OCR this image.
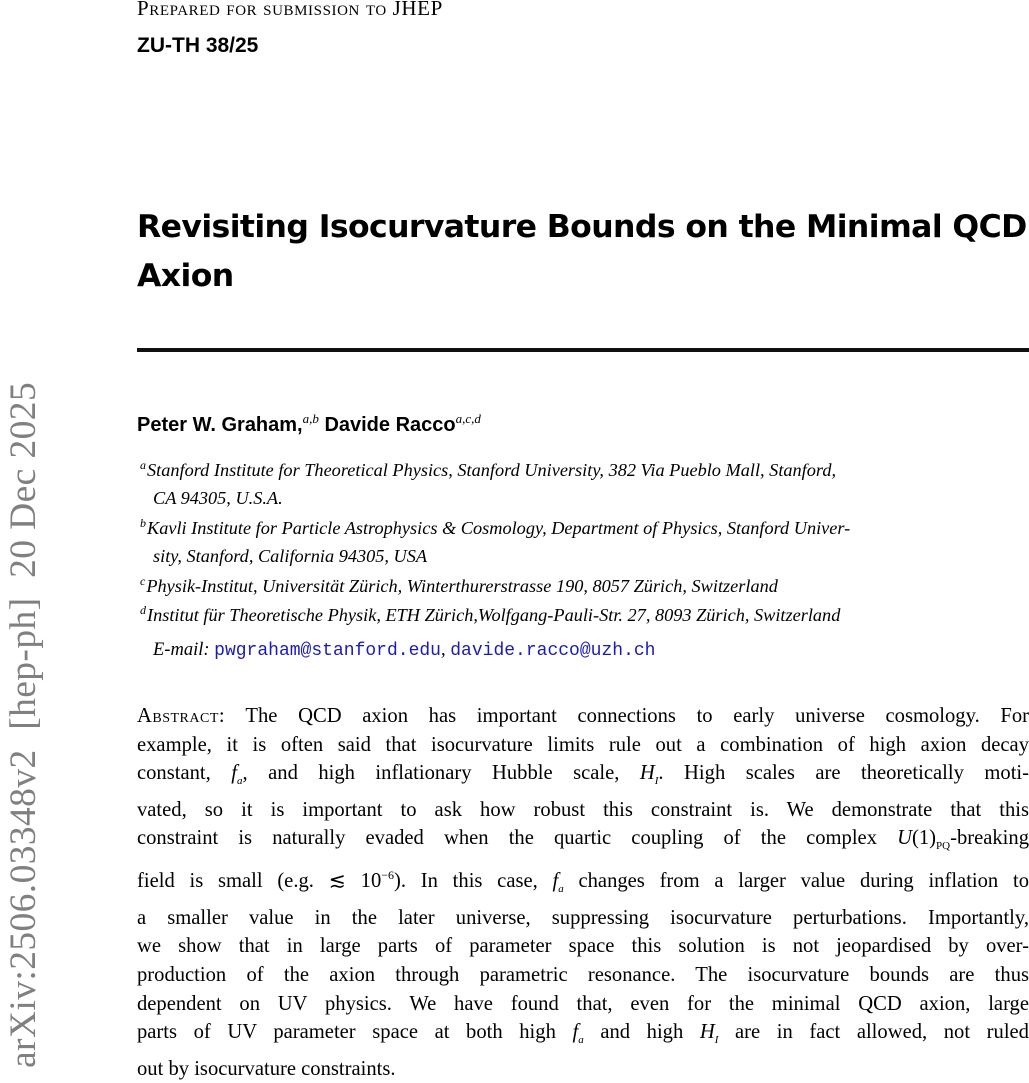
Prepared for submission to JHEP
ZU-TH 38/25
Revisiting Isocurvature Bounds on the Minimal QCD
Axion
Peter W. Graham,$^{a,b}$ Davide Racco$^{a,c,d}$
$^a$Stanford Institute for Theoretical Physics, Stanford University, 382 Via Pueblo Mall, Stanford,
CA 94305, U.S.A.
$^b$Kavli Institute for Particle Astrophysics & Cosmology, Department of Physics, Stanford Univer-
sity, Stanford, California 94305, USA
$^c$Physik-Institut, Universität Zürich, Winterthurerstrasse 190, 8057 Zürich, Switzerland
$^d$Institut für Theoretische Physik, ETH Zürich,Wolfgang-Pauli-Str. 27, 8093 Zürich, Switzerland
E-mail: pwgraham@stanford.edu, davide.racco@uzh.ch
Abstract: The QCD axion has important connections to early universe cosmology. For
example, it is often said that isocurvature limits rule out a combination of high axion decay
constant, $f_a$, and high inflationary Hubble scale, $H_I$. High scales are theoretically moti-
vated, so it is important to ask how robust this constraint is. We demonstrate that this
constraint is naturally evaded when the quartic coupling of the complex $U(1)_{PQ}$-breaking
field is small (e.g. ≲ $10^{-6}$). In this case, $f_a$ changes from a larger value during inflation to
a smaller value in the later universe, suppressing isocurvature perturbations. Importantly,
we show that in large parts of parameter space this solution is not jeopardised by over-
production of the axion through parametric resonance. The isocurvature bounds are thus
dependent on UV physics. We have found that, even for the minimal QCD axion, large
parts of UV parameter space at both high $f_a$ and high $H_I$ are in fact allowed, not ruled
out by isocurvature constraints.
arXiv:2506.03348v2  [hep-ph]  20 Dec 2025
